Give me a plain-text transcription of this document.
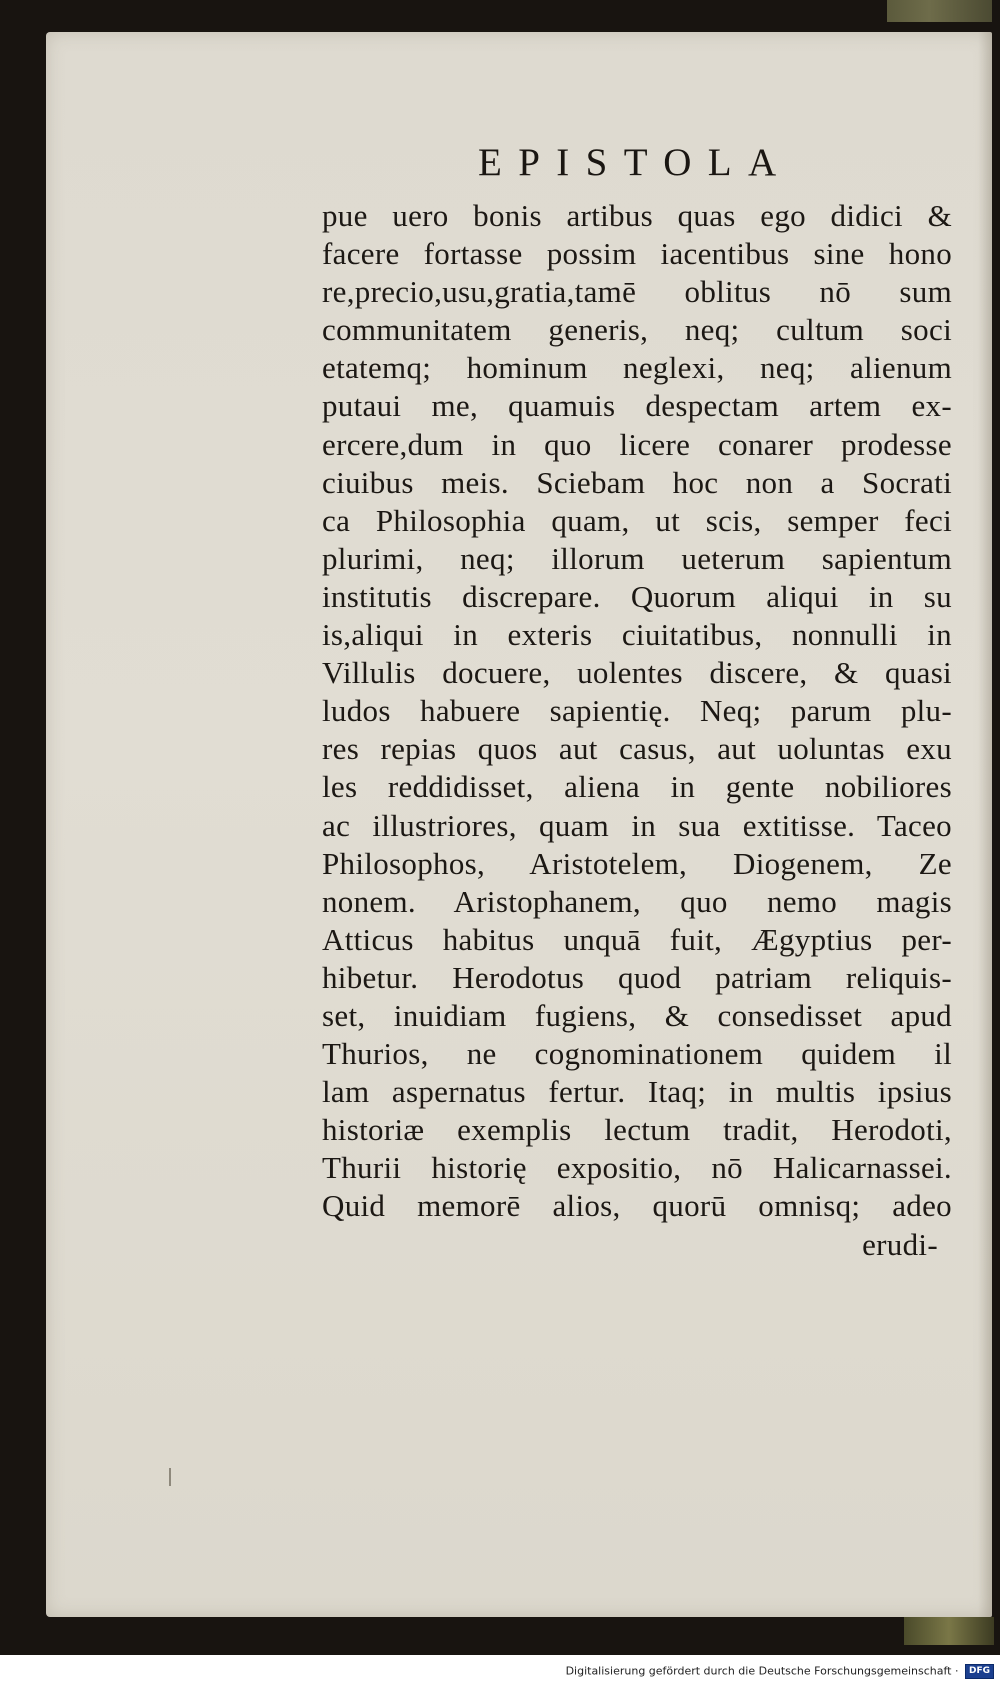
EPISTOLA
pue uero bonis artibus quas ego didici &
facere fortasse possim iacentibus sine hono
re,precio,usu,gratia,tamē oblitus nō sum
communitatem generis, neq; cultum soci
etatemq; hominum neglexi, neq; alienum
putaui me, quamuis despectam artem ex-
ercere,dum in quo licere conarer prodesse
ciuibus meis. Sciebam hoc non a Socrati
ca Philosophia quam, ut scis, semper feci
plurimi, neq; illorum ueterum sapientum
institutis discrepare. Quorum aliqui in su
is,aliqui in exteris ciuitatibus, nonnulli in
Villulis docuere, uolentes discere, & quasi
ludos habuere sapientię. Neq; parum plu-
res repias quos aut casus, aut uoluntas exu
les reddidisset, aliena in gente nobiliores
ac illustriores, quam in sua extitisse. Taceo
Philosophos, Aristotelem, Diogenem, Ze
nonem. Aristophanem, quo nemo magis
Atticus habitus unquā fuit, Ægyptius per-
hibetur. Herodotus quod patriam reliquis-
set, inuidiam fugiens, & consedisset apud
Thurios, ne cognominationem quidem il
lam aspernatus fertur. Itaq; in multis ipsius
historiæ exemplis lectum tradit, Herodoti,
Thurii historię expositio, nō Halicarnassei.
Quid memorē alios, quorū omnisq; adeo
erudi-
Digitalisierung gefördert durch die Deutsche Forschungsgemeinschaft · DFG
